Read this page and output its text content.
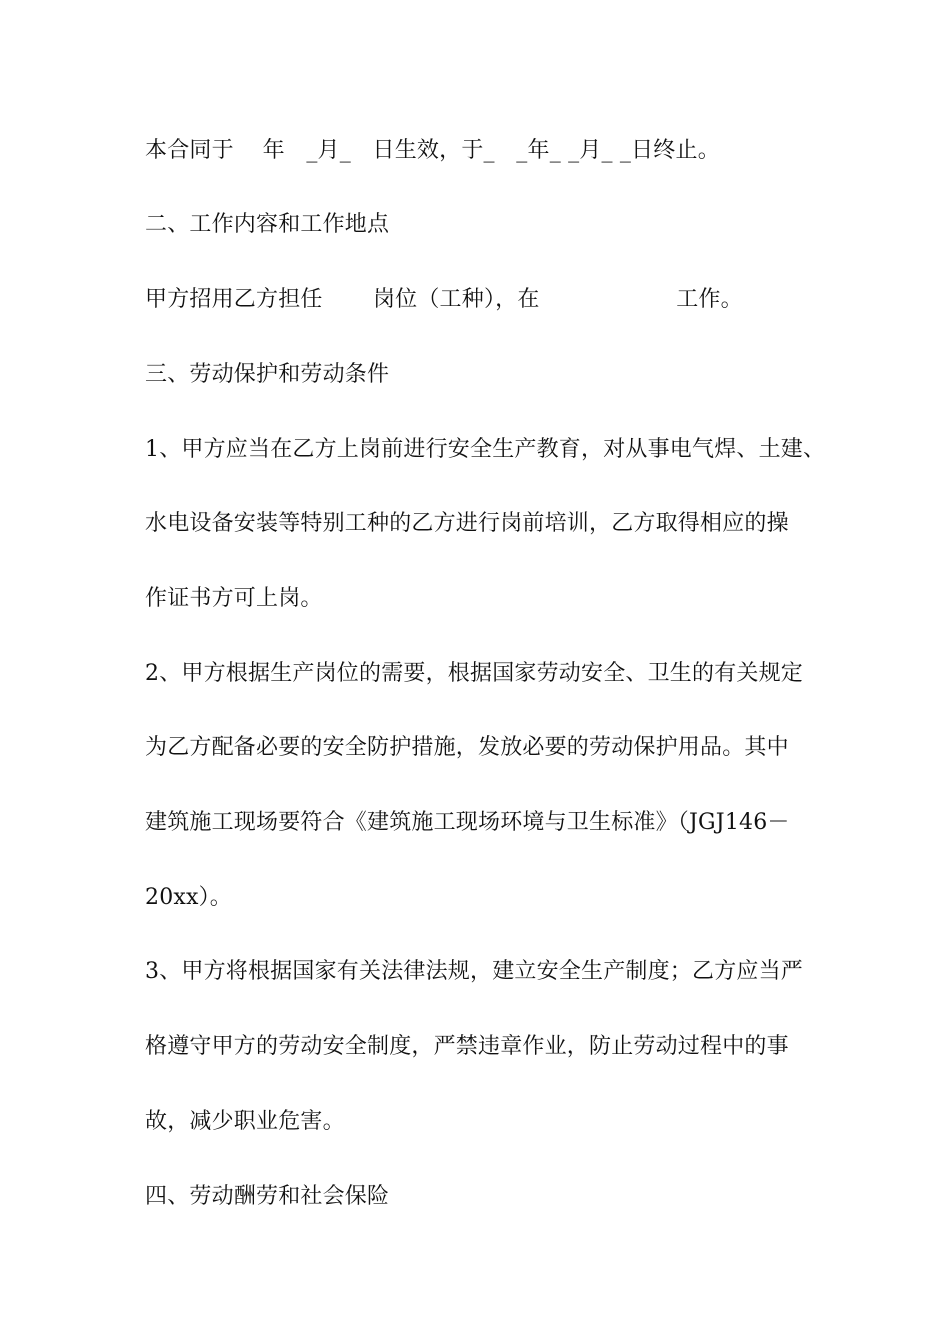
本合同于    年   _月_   日生效，于_   _年_ _月_ _日终止。
二、工作内容和工作地点
甲方招用乙方担任       岗位（工种），在                   工作。
三、劳动保护和劳动条件
1、甲方应当在乙方上岗前进行安全生产教育，对从事电气焊、土建、
水电设备安装等特别工种的乙方进行岗前培训，乙方取得相应的操
作证书方可上岗。
2、甲方根据生产岗位的需要，根据国家劳动安全、卫生的有关规定
为乙方配备必要的安全防护措施，发放必要的劳动保护用品。其中
建筑施工现场要符合《建筑施工现场环境与卫生标准》（JGJ146－
20xx）。
3、甲方将根据国家有关法律法规，建立安全生产制度；乙方应当严
格遵守甲方的劳动安全制度，严禁违章作业，防止劳动过程中的事
故，减少职业危害。
四、劳动酬劳和社会保险
